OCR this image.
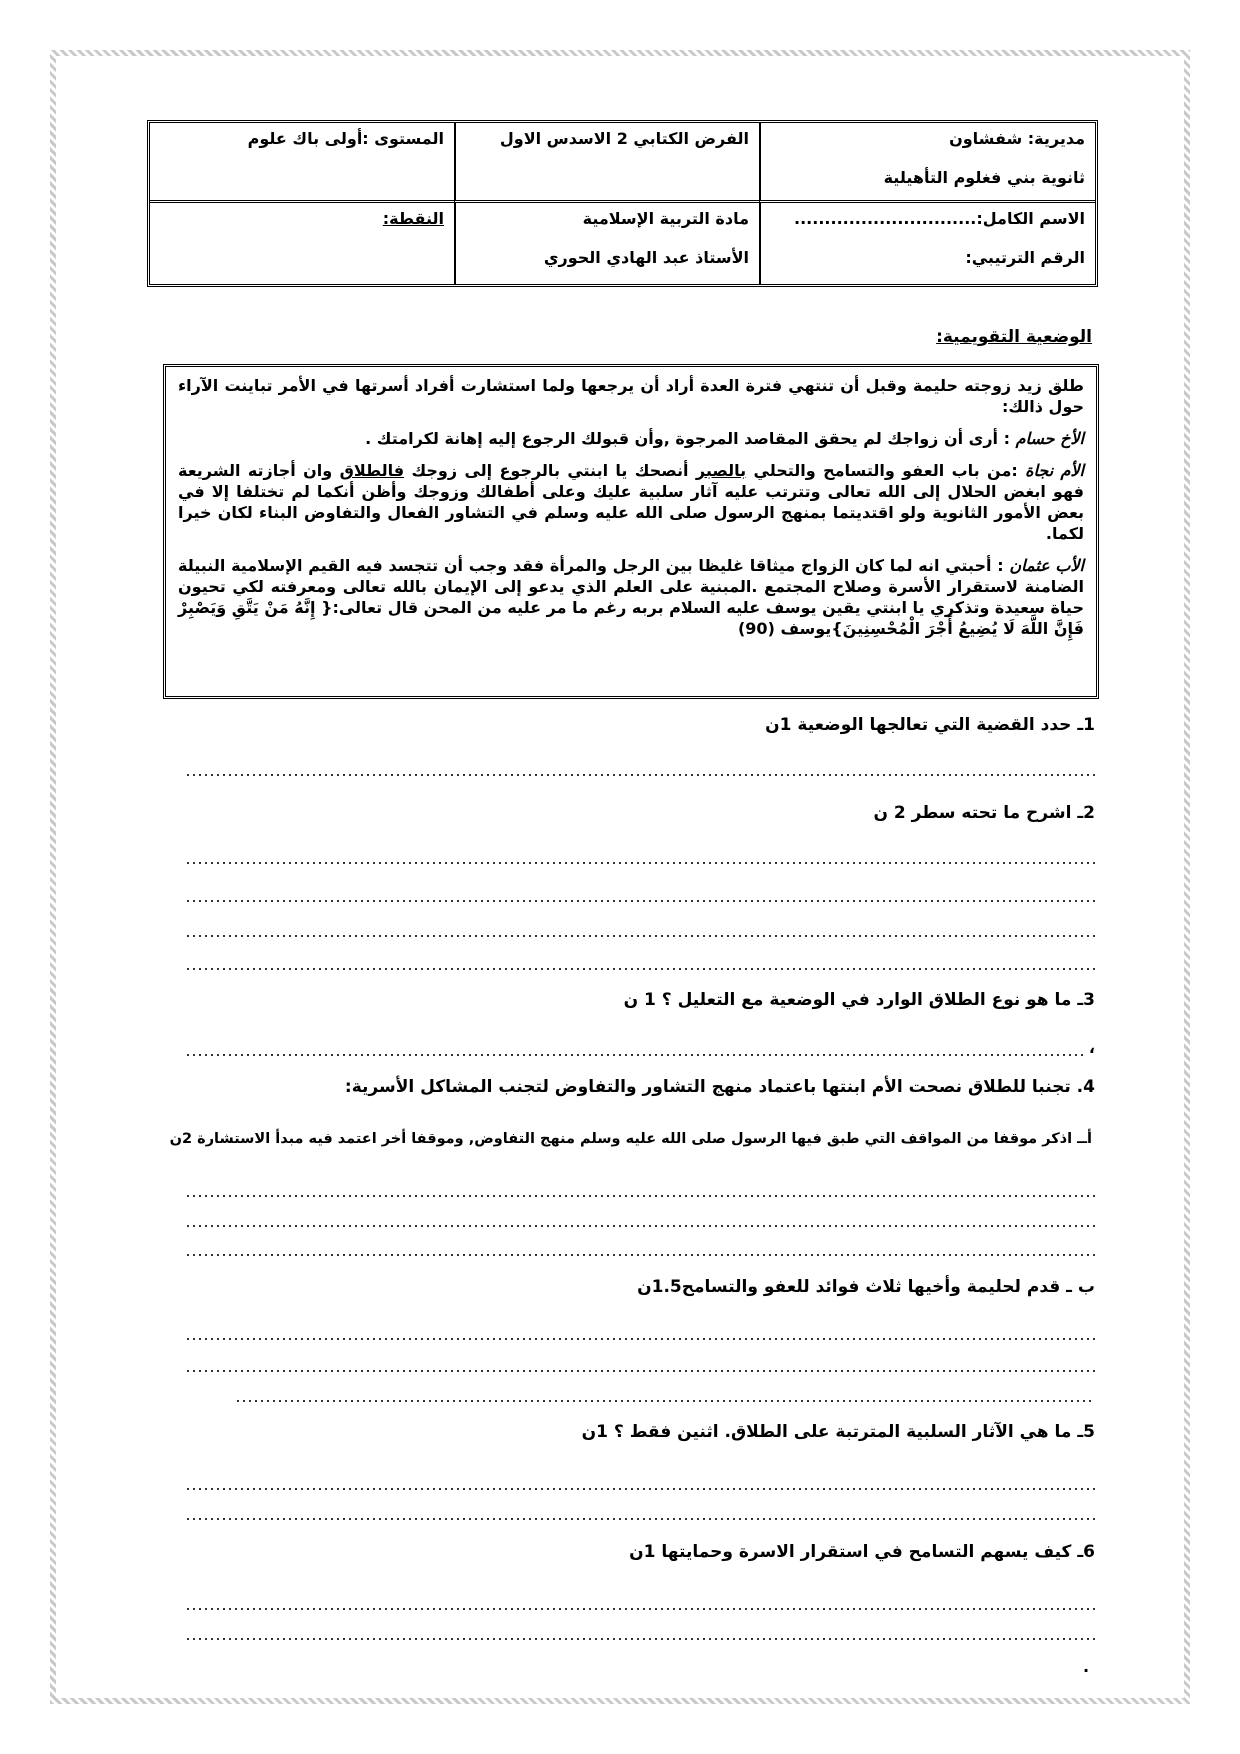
مديرية: شفشاون

ثانوية بني فغلوم التأهيلية

الفرض الكتابي 2 الاسدس الاول

المستوى :أولى باك علوم

الاسم الكامل:..............................

الرقم الترتيبي:

مادة التربية الإسلامية

الأستاذ عبد الهادي الحوري

النقطة:

الوضعية التقويمية:

طلق زيد زوجته حليمة وقبل أن تنتهي فترة العدة أراد أن يرجعها ولما استشارت أفراد أسرتها في الأمر تباينت الآراء حول ذالك:

الأخ حسام : أرى أن زواجك لم يحقق المقاصد المرجوة ,وأن قبولك الرجوع إليه إهانة لكرامتك .

الأم نجاة :من باب العفو والتسامح والتحلي بالصبر أنصحك يا ابنتي بالرجوع إلى زوجك فالطلاق وان أجازته الشريعة فهو ابغض الحلال إلى الله تعالى وتترتب عليه آثار سلبية عليك وعلى أطفالك وزوجك وأظن أنكما لم تختلفا إلا في بعض الأمور الثانوية ولو اقتديتما بمنهج الرسول صلى الله عليه وسلم في التشاور الفعال والتفاوض البناء لكان خيرا لكما.

الأب عثمان : أحبتي انه لما كان الزواج ميثاقا غليظا بين الرجل والمرأة فقد وجب أن تتجسد فيه القيم الإسلامية النبيلة الضامنة لاستقرار الأسرة وصلاح المجتمع .المبنية على العلم الذي يدعو إلى الإيمان بالله تعالى ومعرفته لكي تحيون حياة سعيدة وتذكري يا ابنتي يقين يوسف عليه السلام بربه رغم ما مر عليه من المحن قال تعالى:{ إِنَّهُ مَنْ يَتَّقِ وَيَصْبِرْ فَإِنَّ اللَّهَ لَا يُضِيعُ أَجْرَ الْمُحْسِنِينَ}يوسف (90)

1ـ حدد القضية التي تعالجها الوضعية 1ن
2ـ اشرح ما تحته سطر 2 ن
3ـ ما هو نوع الطلاق الوارد في الوضعية مع التعليل ؟ 1 ن
،
4. تجنبا للطلاق نصحت الأم ابنتها باعتماد منهج التشاور والتفاوض لتجنب المشاكل الأسرية:
أــ اذكر موقفا من المواقف التي طبق فيها الرسول صلى الله عليه وسلم منهج التفاوض, وموقفا أخر اعتمد فيه مبدأ الاستشارة 2ن
ب ـ قدم لحليمة وأخيها ثلاث فوائد للعفو والتسامح1.5ن
5ـ ما هي الآثار السلبية المترتبة على الطلاق. اثنين فقط ؟ 1ن
6ـ كيف يسهم التسامح في استقرار الاسرة وحمايتها 1ن
.
